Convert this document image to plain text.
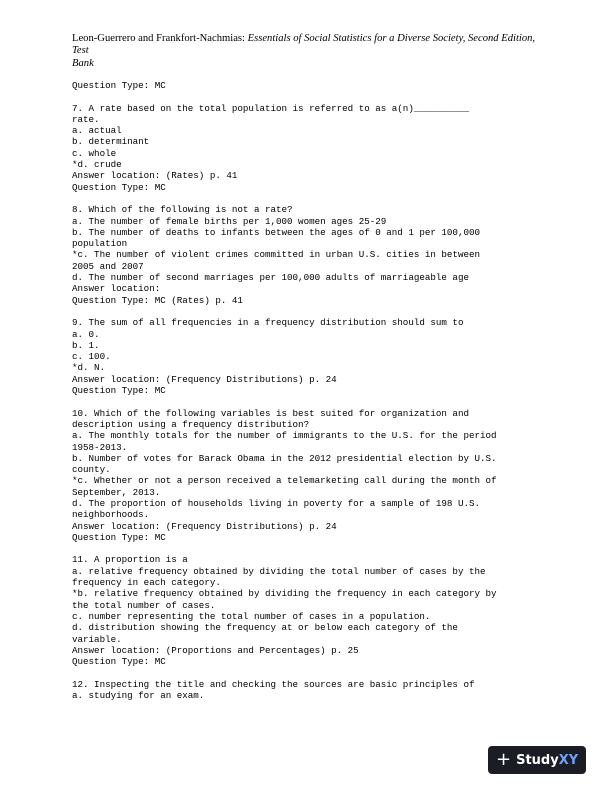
Leon-Guerrero and Frankfort-Nachmias: Essentials of Social Statistics for a Diverse Society, Second Edition, Test
Bank
Question Type: MC
7. A rate based on the total population is referred to as a(n)__________
rate.
a. actual
b. determinant
c. whole
*d. crude
Answer location: (Rates) p. 41
Question Type: MC
8. Which of the following is not a rate?
a. The number of female births per 1,000 women ages 25-29
b. The number of deaths to infants between the ages of 0 and 1 per 100,000
population
*c. The number of violent crimes committed in urban U.S. cities in between
2005 and 2007
d. The number of second marriages per 100,000 adults of marriageable age
Answer location:
Question Type: MC (Rates) p. 41
9. The sum of all frequencies in a frequency distribution should sum to
a. 0.
b. 1.
c. 100.
*d. N.
Answer location: (Frequency Distributions) p. 24
Question Type: MC
10. Which of the following variables is best suited for organization and
description using a frequency distribution?
a. The monthly totals for the number of immigrants to the U.S. for the period
1958-2013.
b. Number of votes for Barack Obama in the 2012 presidential election by U.S.
county.
*c. Whether or not a person received a telemarketing call during the month of
September, 2013.
d. The proportion of households living in poverty for a sample of 198 U.S.
neighborhoods.
Answer location: (Frequency Distributions) p. 24
Question Type: MC
11. A proportion is a
a. relative frequency obtained by dividing the total number of cases by the
frequency in each category.
*b. relative frequency obtained by dividing the frequency in each category by
the total number of cases.
c. number representing the total number of cases in a population.
d. distribution showing the frequency at or below each category of the
variable.
Answer location: (Proportions and Percentages) p. 25
Question Type: MC
12. Inspecting the title and checking the sources are basic principles of
a. studying for an exam.
+ Study XY
